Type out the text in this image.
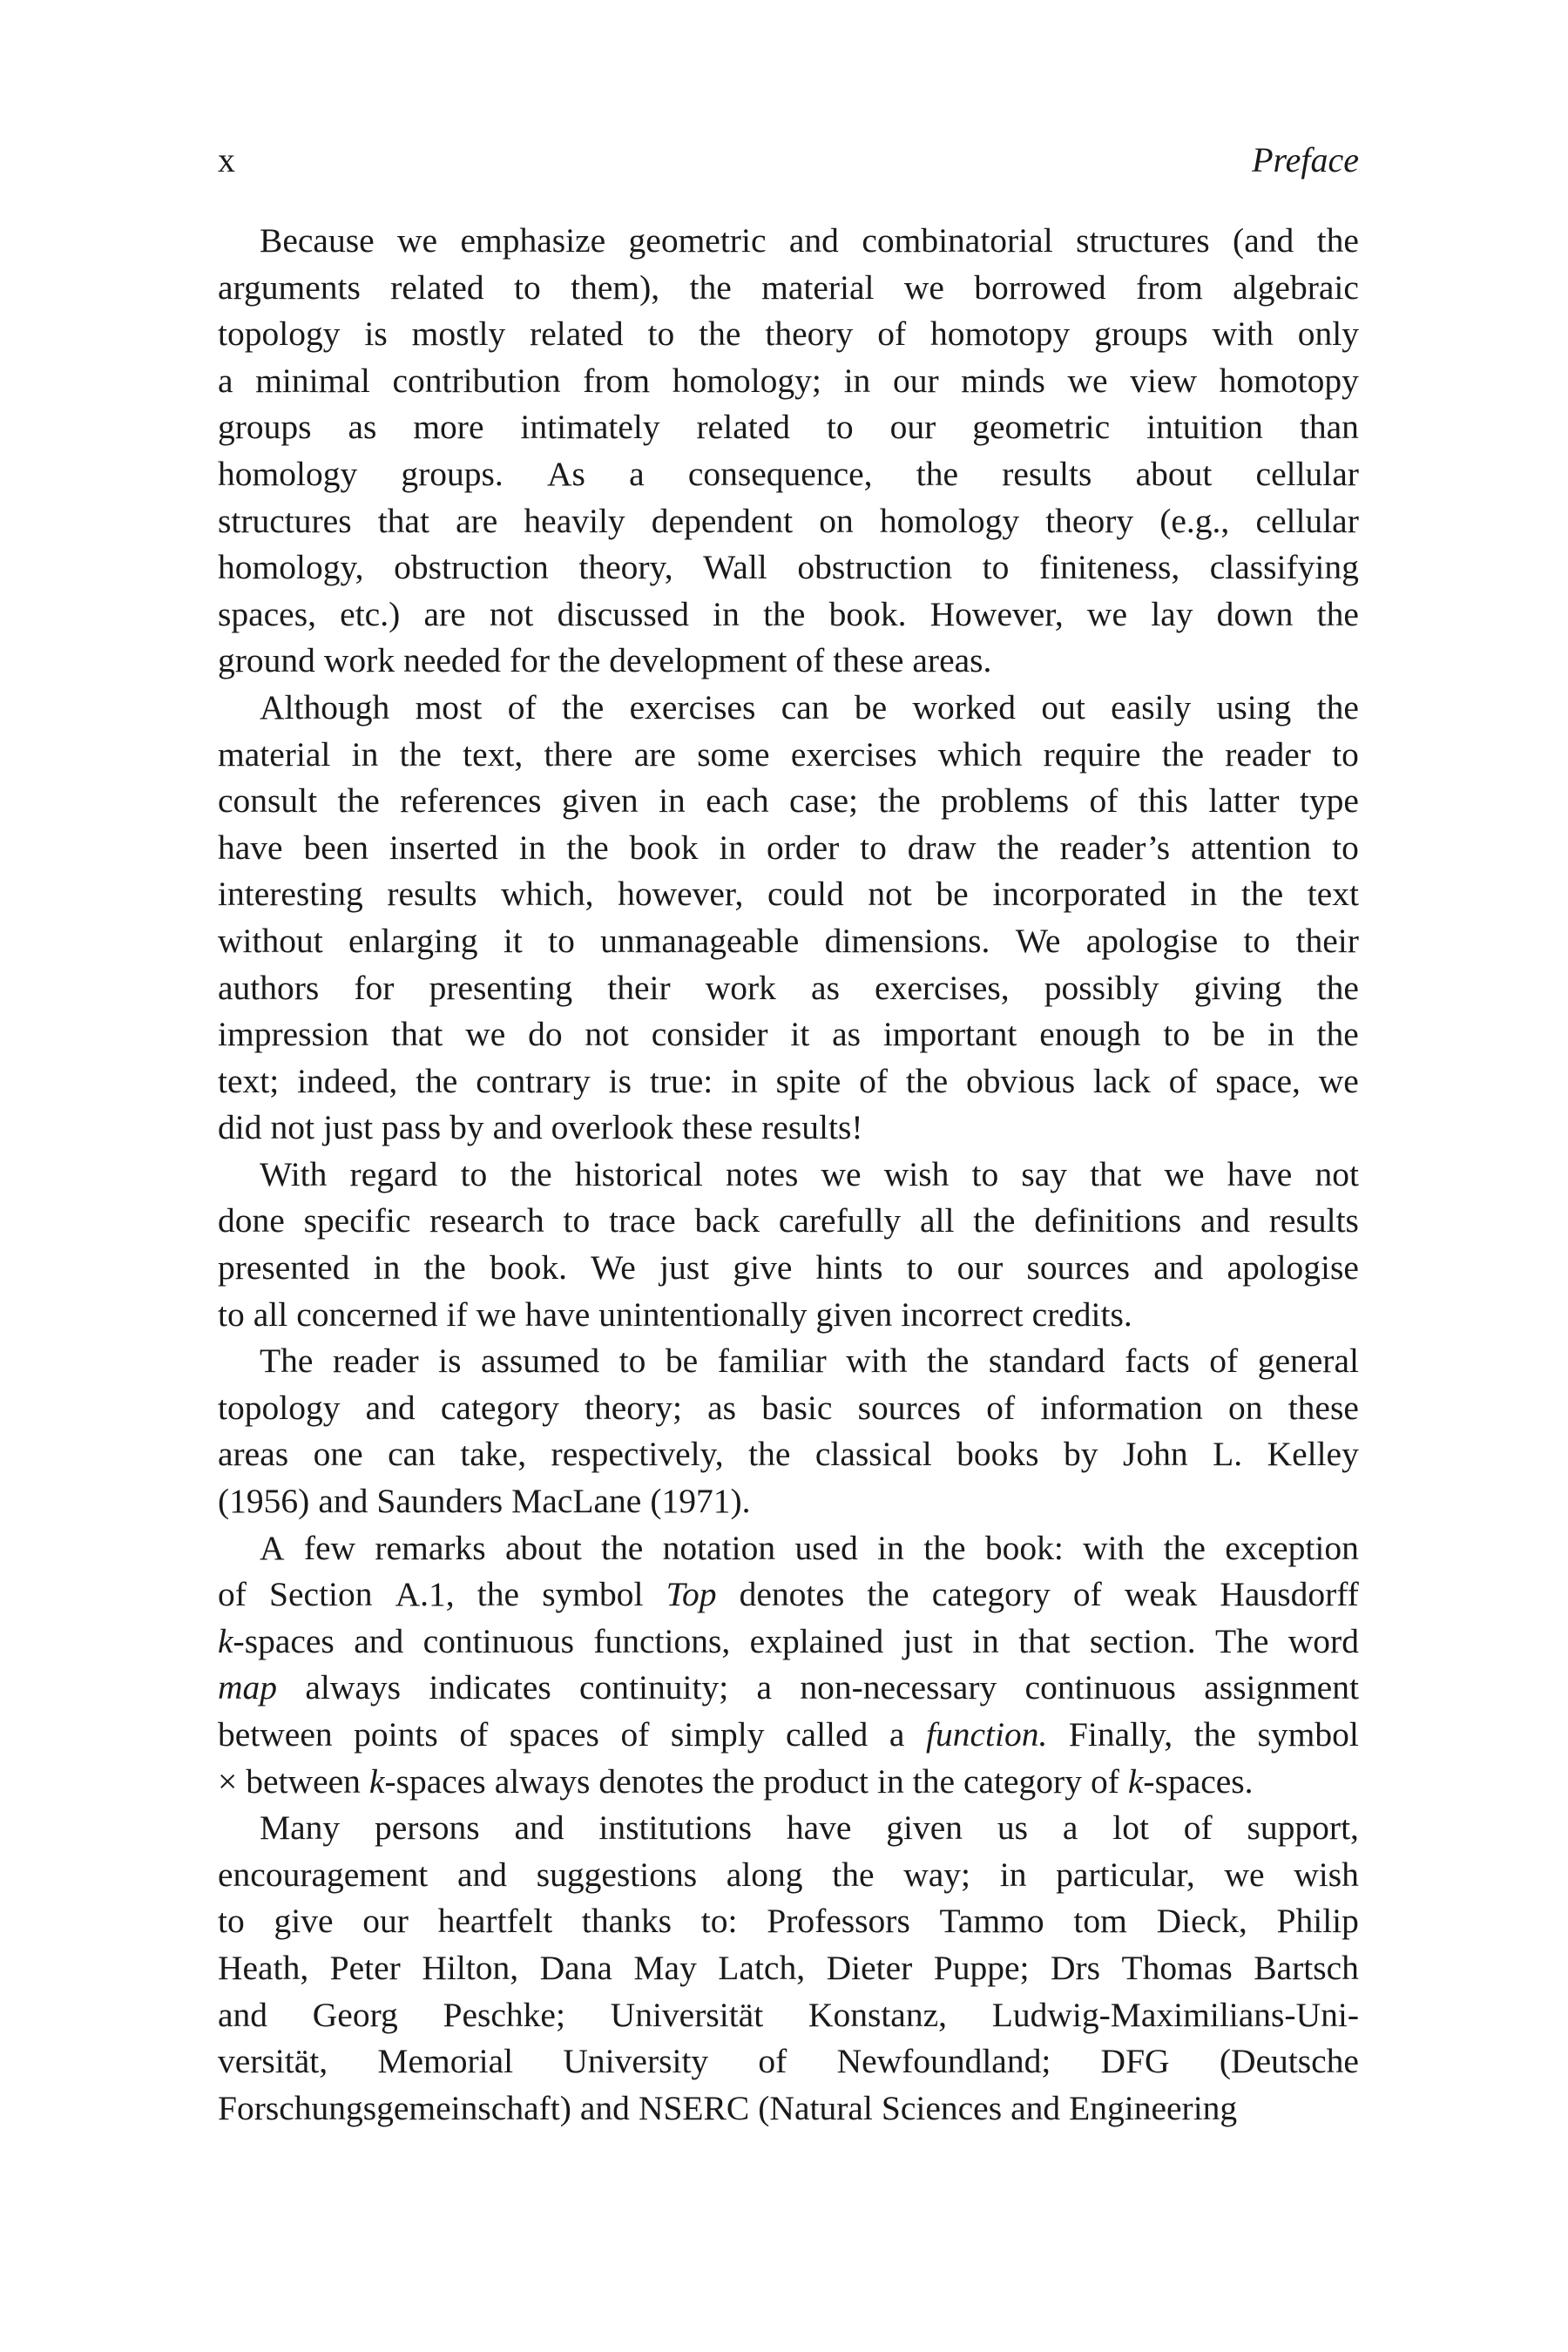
x	Preface
Because we emphasize geometric and combinatorial structures (and the
arguments related to them), the material we borrowed from algebraic
topology is mostly related to the theory of homotopy groups with only
a minimal contribution from homology; in our minds we view homotopy
groups as more intimately related to our geometric intuition than
homology groups. As a consequence, the results about cellular
structures that are heavily dependent on homology theory (e.g., cellular
homology, obstruction theory, Wall obstruction to finiteness, classifying
spaces, etc.) are not discussed in the book. However, we lay down the
ground work needed for the development of these areas.
Although most of the exercises can be worked out easily using the
material in the text, there are some exercises which require the reader to
consult the references given in each case; the problems of this latter type
have been inserted in the book in order to draw the reader’s attention to
interesting results which, however, could not be incorporated in the text
without enlarging it to unmanageable dimensions. We apologise to their
authors for presenting their work as exercises, possibly giving the
impression that we do not consider it as important enough to be in the
text; indeed, the contrary is true: in spite of the obvious lack of space, we
did not just pass by and overlook these results!
With regard to the historical notes we wish to say that we have not
done specific research to trace back carefully all the definitions and results
presented in the book. We just give hints to our sources and apologise
to all concerned if we have unintentionally given incorrect credits.
The reader is assumed to be familiar with the standard facts of general
topology and category theory; as basic sources of information on these
areas one can take, respectively, the classical books by John L. Kelley
(1956) and Saunders MacLane (1971).
A few remarks about the notation used in the book: with the exception
of Section A.1, the symbol Top denotes the category of weak Hausdorff
k-spaces and continuous functions, explained just in that section. The word
map always indicates continuity; a non-necessary continuous assignment
between points of spaces of simply called a function. Finally, the symbol
× between k-spaces always denotes the product in the category of k-spaces.
Many persons and institutions have given us a lot of support,
encouragement and suggestions along the way; in particular, we wish
to give our heartfelt thanks to: Professors Tammo tom Dieck, Philip
Heath, Peter Hilton, Dana May Latch, Dieter Puppe; Drs Thomas Bartsch
and Georg Peschke; Universität Konstanz, Ludwig-Maximilians-Uni-
versität, Memorial University of Newfoundland; DFG (Deutsche
Forschungsgemeinschaft) and NSERC (Natural Sciences and Engineering
